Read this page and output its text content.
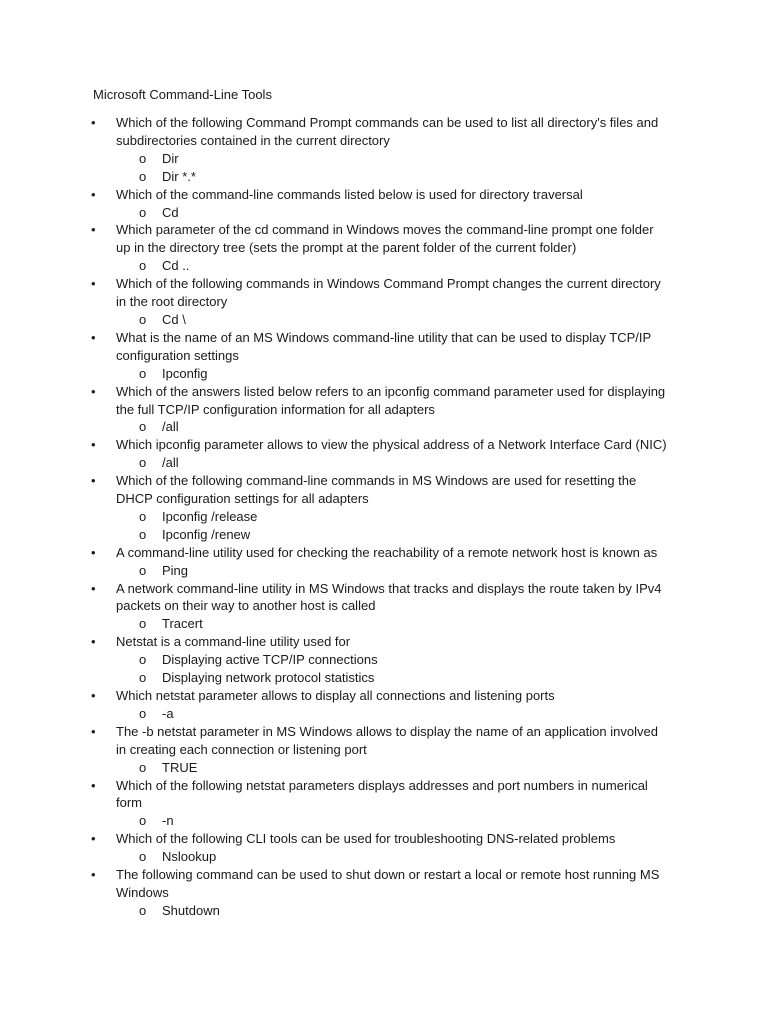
Microsoft Command-Line Tools
• Which of the following Command Prompt commands can be used to list all directory's files and subdirectories contained in the current directory
o Dir
o Dir *.*
• Which of the command-line commands listed below is used for directory traversal
o Cd
• Which parameter of the cd command in Windows moves the command-line prompt one folder up in the directory tree (sets the prompt at the parent folder of the current folder)
o Cd ..
• Which of the following commands in Windows Command Prompt changes the current directory in the root directory
o Cd \
• What is the name of an MS Windows command-line utility that can be used to display TCP/IP configuration settings
o Ipconfig
• Which of the answers listed below refers to an ipconfig command parameter used for displaying the full TCP/IP configuration information for all adapters
o /all
• Which ipconfig parameter allows to view the physical address of a Network Interface Card (NIC)
o /all
• Which of the following command-line commands in MS Windows are used for resetting the DHCP configuration settings for all adapters
o Ipconfig /release
o Ipconfig /renew
• A command-line utility used for checking the reachability of a remote network host is known as
o Ping
• A network command-line utility in MS Windows that tracks and displays the route taken by IPv4 packets on their way to another host is called
o Tracert
• Netstat is a command-line utility used for
o Displaying active TCP/IP connections
o Displaying network protocol statistics
• Which netstat parameter allows to display all connections and listening ports
o -a
• The -b netstat parameter in MS Windows allows to display the name of an application involved in creating each connection or listening port
o TRUE
• Which of the following netstat parameters displays addresses and port numbers in numerical form
o -n
• Which of the following CLI tools can be used for troubleshooting DNS-related problems
o Nslookup
• The following command can be used to shut down or restart a local or remote host running MS Windows
o Shutdown
